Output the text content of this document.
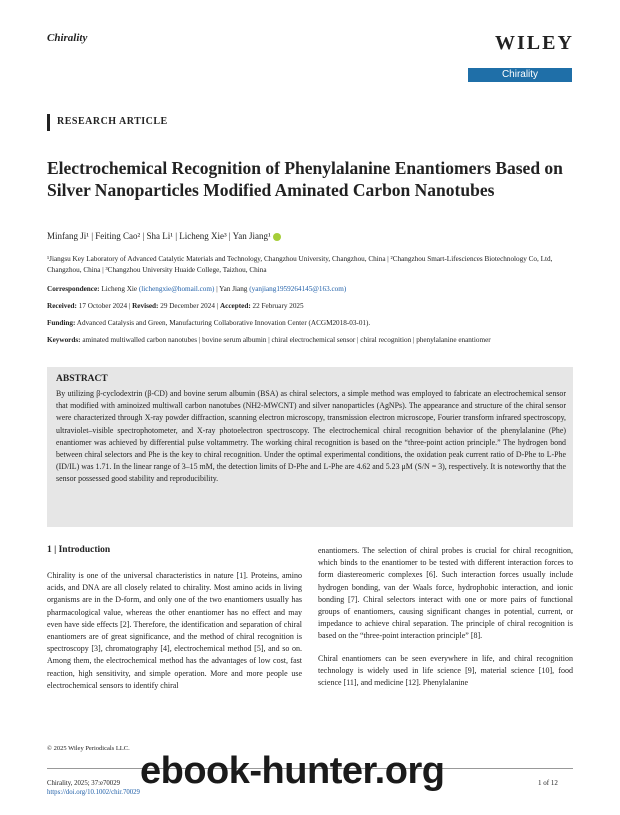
Chirality	WILEY
Chirality
RESEARCH ARTICLE
Electrochemical Recognition of Phenylalanine Enantiomers Based on Silver Nanoparticles Modified Aminated Carbon Nanotubes
Minfang Ji¹ | Feiting Cao² | Sha Li¹ | Licheng Xie³ | Yan Jiang¹
¹Jiangsu Key Laboratory of Advanced Catalytic Materials and Technology, Changzhou University, Changzhou, China | ²Changzhou Smart-Lifesciences Biotechnology Co, Ltd, Changzhou, China | ³Changzhou University Huaide College, Taizhou, China
Correspondence: Licheng Xie (lichengxie@homail.com) | Yan Jiang (yanjiang1959264145@163.com)
Received: 17 October 2024 | Revised: 29 December 2024 | Accepted: 22 February 2025
Funding: Advanced Catalysis and Green, Manufacturing Collaborative Innovation Center (ACGM2018-03-01).
Keywords: aminated multiwalled carbon nanotubes | bovine serum albumin | chiral electrochemical sensor | chiral recognition | phenylalanine enantiomer
ABSTRACT
By utilizing β-cyclodextrin (β-CD) and bovine serum albumin (BSA) as chiral selectors, a simple method was employed to fabricate an electrochemical sensor that modified with aminoized multiwall carbon nanotubes (NH2-MWCNT) and silver nanoparticles (AgNPs). The appearance and structure of the chiral sensor were characterized through X-ray powder diffraction, scanning electron microscopy, transmission electron microscope, Fourier transform infrared spectroscopy, ultraviolet–visible spectrophotometer, and X-ray photoelectron spectroscopy. The electrochemical chiral recognition behavior of the phenylalanine (Phe) enantiomer was achieved by differential pulse voltammetry. The working chiral recognition is based on the “three-point action principle.” The hydrogen bond between chiral selectors and Phe is the key to chiral recognition. Under the optimal experimental conditions, the oxidation peak current ratio of D-Phe to L-Phe (ID/IL) was 1.71. In the linear range of 3–15 mM, the detection limits of D-Phe and L-Phe are 4.62 and 5.23 μM (S/N = 3), respectively. It is noteworthy that the sensor possessed good stability and reproducibility.
1 | Introduction
Chirality is one of the universal characteristics in nature [1]. Proteins, amino acids, and DNA are all closely related to chirality. Most amino acids in living organisms are in the D-form, and only one of the two enantiomers usually has pharmacological value, whereas the other enantiomer has no effect and may even have side effects [2]. Therefore, the identification and separation of chiral enantiomers are of great significance, and the method of chiral recognition is spectroscopy [3], chromatography [4], electrochemical method [5], and so on. Among them, the electrochemical method has the advantages of low cost, fast reaction, high sensitivity, and simple operation. More and more people use electrochemical sensors to identify chiral

enantiomers. The selection of chiral probes is crucial for chiral recognition, which binds to the enantiomer to be tested with different interaction forces to form diastereomeric complexes [6]. Such interaction forces usually include hydrogen bonding, van der Waals force, hydrophobic interaction, and ionic bonding [7]. Chiral selectors interact with one or more pairs of functional groups of enantiomers, causing significant changes in potential, current, or impedance to achieve chiral separation. The principle of chiral recognition is based on the “three-point interaction principle” [8].

Chiral enantiomers can be seen everywhere in life, and chiral recognition technology is widely used in life science [9], material science [10], food science [11], and medicine [12]. Phenylalanine

© 2025 Wiley Periodicals LLC.
Chirality, 2025; 37:e70029
https://doi.org/10.1002/chir.70029
1 of 12
ebook-hunter.org
